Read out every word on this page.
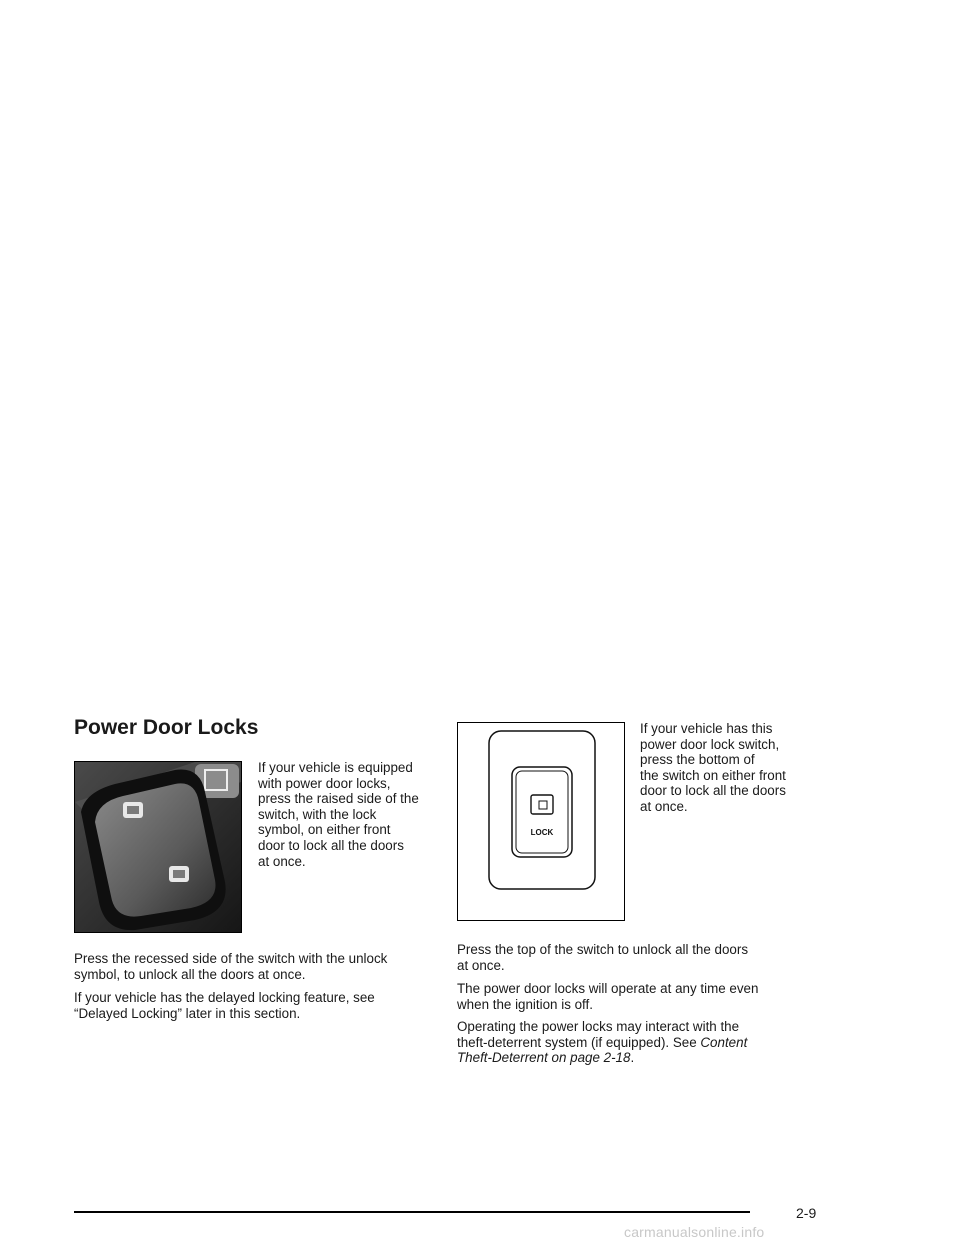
Power Door Locks
If your vehicle is equipped
with power door locks,
press the raised side of the
switch, with the lock
symbol, on either front
door to lock all the doors
at once.
Press the recessed side of the switch with the unlock
symbol, to unlock all the doors at once.
If your vehicle has the delayed locking feature, see
“Delayed Locking” later in this section.
LOCK
If your vehicle has this
power door lock switch,
press the bottom of
the switch on either front
door to lock all the doors
at once.
Press the top of the switch to unlock all the doors
at once.
The power door locks will operate at any time even
when the ignition is off.
Operating the power locks may interact with the
theft-deterrent system (if equipped). See Content
Theft-Deterrent on page 2-18.
2-9
carmanualsonline.info
